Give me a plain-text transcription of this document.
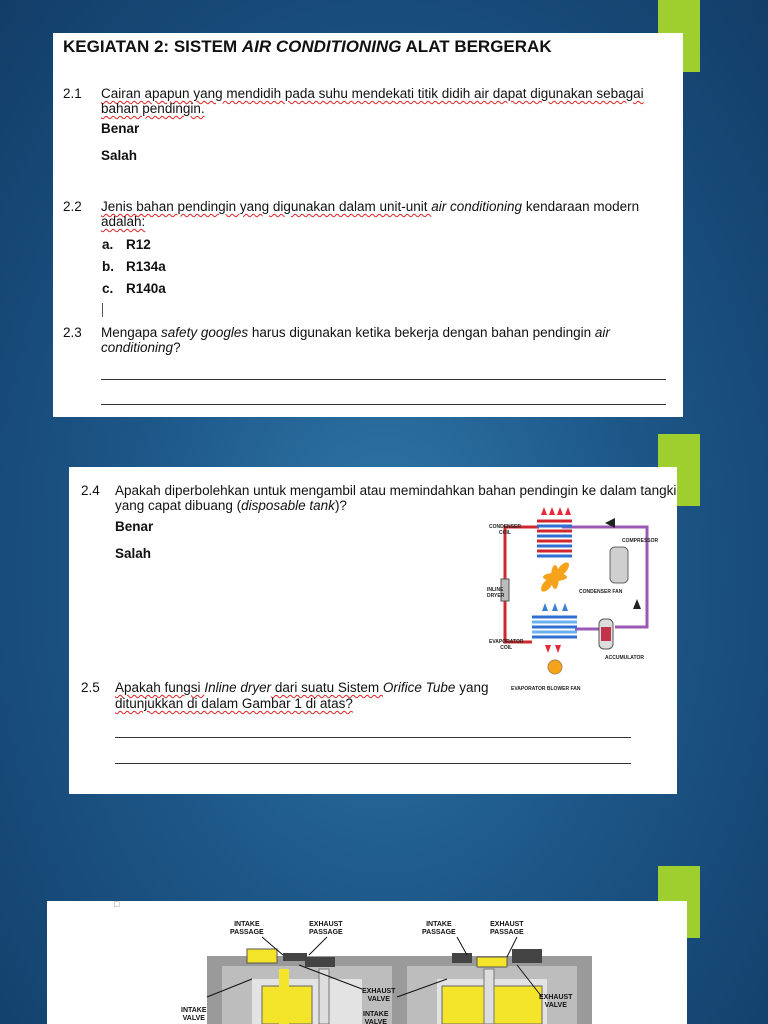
KEGIATAN 2: SISTEM AIR CONDITIONING ALAT BERGERAK
2.1 Cairan apapun yang mendidih pada suhu mendekati titik didih air dapat digunakan sebagai
bahan pendingin.
Benar
Salah
2.2 Jenis bahan pendingin yang digunakan dalam unit-unit air conditioning kendaraan modern
adalah:
a. R12
b. R134a
c. R140a
2.3 Mengapa safety googles harus digunakan ketika bekerja dengan bahan pendingin air
conditioning?
2.4 Apakah diperbolehkan untuk mengambil atau memindahkan bahan pendingin ke dalam tangki
yang capat dibuang (disposable tank)?
Benar
Salah
2.5 Apakah fungsi Inline dryer dari suatu Sistem Orifice Tube yang
ditunjukkan di dalam Gambar 1 di atas?
CONDENSER
COIL
COMPRESSOR
INLINE
DRYER
CONDENSER FAN
EVAPORATOR
COIL
ACCUMULATOR
EVAPORATOR BLOWER FAN
□
INTAKE
PASSAGE
EXHAUST
PASSAGE
EXHAUST
VALVE
INTAKE
VALVE
INTAKE
PASSAGE
EXHAUST
PASSAGE
EXHAUST
VALVE
INTAKE
VALVE
